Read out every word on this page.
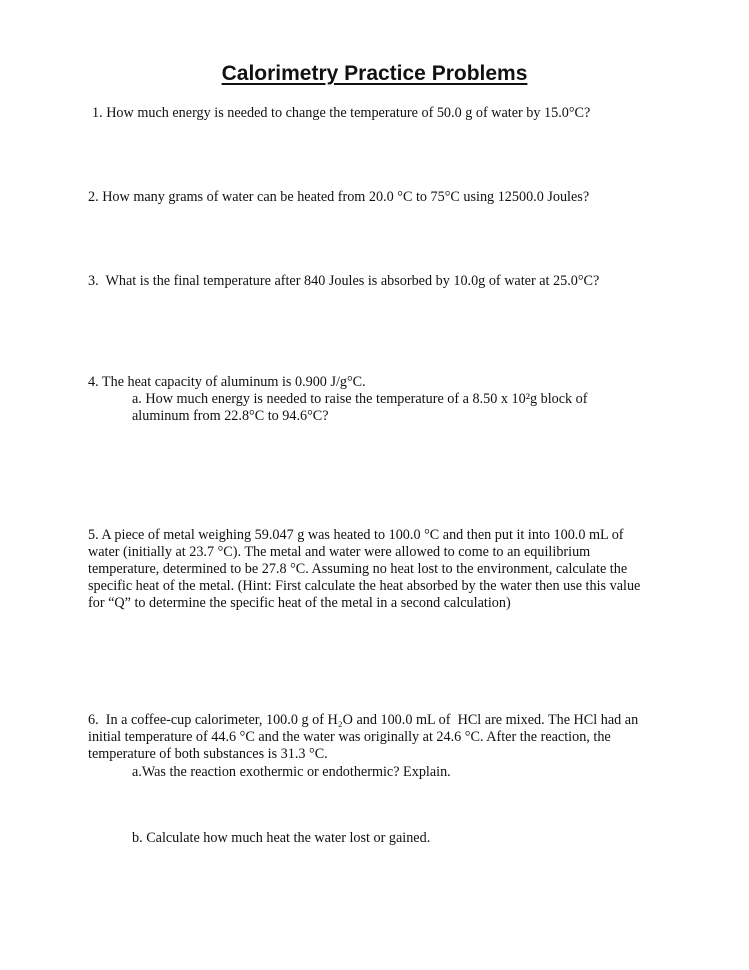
Calorimetry Practice Problems

1. How much energy is needed to change the temperature of 50.0 g of water by 15.0°C?

2. How many grams of water can be heated from 20.0 °C to 75°C using 12500.0 Joules?

3.  What is the final temperature after 840 Joules is absorbed by 10.0g of water at 25.0°C?

4. The heat capacity of aluminum is 0.900 J/g°C.

a. How much energy is needed to raise the temperature of a 8.50 x 10²g block of

aluminum from 22.8°C to 94.6°C?

5. A piece of metal weighing 59.047 g was heated to 100.0 °C and then put it into 100.0 mL of

water (initially at 23.7 °C). The metal and water were allowed to come to an equilibrium

temperature, determined to be 27.8 °C. Assuming no heat lost to the environment, calculate the

specific heat of the metal. (Hint: First calculate the heat absorbed by the water then use this value

for “Q” to determine the specific heat of the metal in a second calculation)

6.  In a coffee-cup calorimeter, 100.0 g of H₂O and 100.0 mL of  HCl are mixed. The HCl had an

initial temperature of 44.6 °C and the water was originally at 24.6 °C. After the reaction, the

temperature of both substances is 31.3 °C.

a.Was the reaction exothermic or endothermic? Explain.

b. Calculate how much heat the water lost or gained.
